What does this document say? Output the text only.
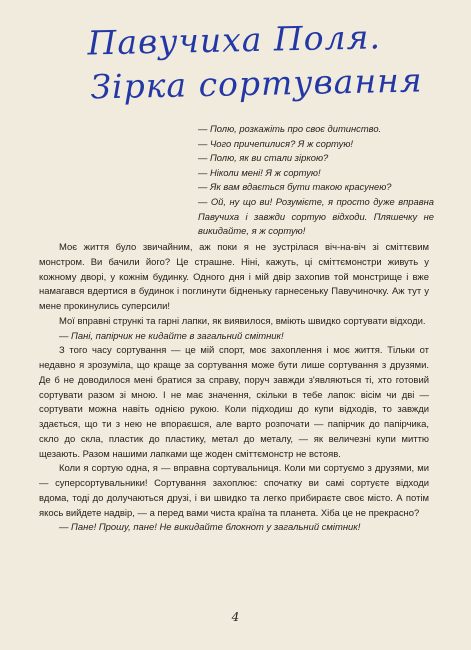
Павучиха Поля.
Зірка сортування

— Полю, розкажіть про своє дитинство.

— Чого причепилися? Я ж сортую!

— Полю, як ви стали зіркою?

— Ніколи мені! Я ж сортую!

— Як вам вдається бути такою красунею?

— Ой, ну що ви! Розумієте, я просто дуже вправна Павучиха і завжди сортую відходи. Пляшечку не викидайте, я ж сортую!

Моє життя було звичайним, аж поки я не зустрілася віч-на-віч зі сміттєвим монстром. Ви бачили його? Це страшне. Ніні, кажуть, ці сміттємонстри живуть у кожному дворі, у кожнім будинку. Одного дня і мій двір захопив той монстрище і вже намагався вдертися в будинок і поглинути бідненьку гарнесеньку Павучиночку. Аж тут у мене прокинулись суперсили!

Мої вправні стрункі та гарні лапки, як виявилося, вміють швидко сортувати відходи.

— Пані, папірчик не кидайте в загальний смітник!

З того часу сортування — це мій спорт, моє захоплення і моє життя. Тільки от недавно я зрозуміла, що краще за сортування може бути лише сортування з друзями. Де б не доводилося мені братися за справу, поруч завжди з'являються ті, хто готовий сортувати разом зі мною. І не має значення, скільки в тебе лапок: вісім чи дві — сортувати можна навіть однією рукою. Коли підходиш до купи відходів, то завжди здається, що ти з нею не впораєшся, але варто розпочати — папірчик до папірчика, скло до скла, пластик до пластику, метал до металу, — як величезні купи миттю щезають. Разом нашими лапками ще жоден сміттємонстр не встояв.

Коли я сортую одна, я — вправна сортувальниця. Коли ми сортуємо з друзями, ми — суперсортувальники! Сортування захоплює: спочатку ви самі сортуєте відходи вдома, тоді до долучаються друзі, і ви швидко та легко прибираєте своє місто. А потім якось вийдете надвір, — а перед вами чиста країна та планета. Хіба це не прекрасно?

— Пане! Прошу, пане! Не викидайте блокнот у загальний смітник!

4
